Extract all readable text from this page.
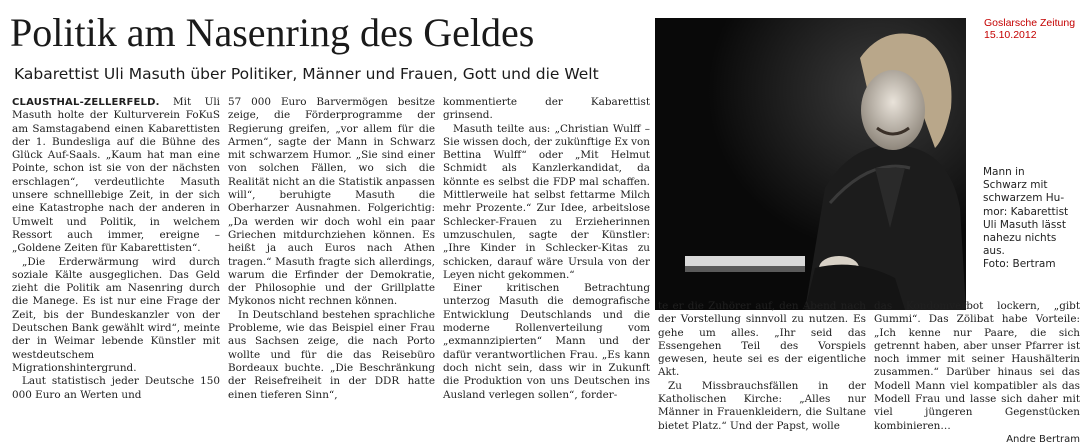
Politik am Nasenring des Geldes
Kabarettist Uli Masuth über Politiker, Männer und Frauen, Gott und die Welt

CLAUSTHAL-ZELLERFELD. Mit Uli Masuth holte der Kulturverein FoKuS am Samstagabend einen Kabarettisten der 1. Bundesliga auf die Bühne des Glück Auf-Saals. „Kaum hat man eine Pointe, schon ist sie von der nächsten erschlagen“, verdeutlichte Masuth unsere schnelllebige Zeit, in der sich eine Katastrophe nach der anderen in Umwelt und Politik, in welchem Ressort auch immer, ereigne – „Goldene Zeiten für Kabarettisten“.

„Die Erderwärmung wird durch soziale Kälte ausgeglichen. Das Geld zieht die Politik am Nasenring durch die Manege. Es ist nur eine Frage der Zeit, bis der Bundeskanzler von der Deutschen Bank gewählt wird“, meinte der in Weimar lebende Künstler mit westdeutschem Migrationshintergrund.

Laut statistisch jeder Deutsche 150 000 Euro an Werten und

57 000 Euro Barvermögen besitze zeige, die Förderprogramme der Regierung greifen, „vor allem für die Armen“, sagte der Mann in Schwarz mit schwarzem Humor. „Sie sind einer von solchen Fällen, wo sich die Realität nicht an die Statistik anpassen will“, beruhigte Masuth die Oberharzer Ausnahmen. Folgerichtig: „Da werden wir doch wohl ein paar Griechen mitdurchziehen können. Es heißt ja auch Euros nach Athen tragen.“ Masuth fragte sich allerdings, warum die Erfinder der Demokratie, der Philosophie und der Grillplatte Mykonos nicht rechnen können.

In Deutschland bestehen sprachliche Probleme, wie das Beispiel einer Frau aus Sachsen zeige, die nach Porto wollte und für die das Reisebüro Bordeaux buchte. „Die Beschränkung der Reisefreiheit in der DDR hatte einen tieferen Sinn“,

kommentierte der Kabarettist grinsend.

Masuth teilte aus: „Christian Wulff – Sie wissen doch, der zukünftige Ex von Bettina Wulff“ oder „Mit Helmut Schmidt als Kanzlerkandidat, da könnte es selbst die FDP mal schaffen. Mittlerweile hat selbst fettarme Milch mehr Prozente.“ Zur Idee, arbeitslose Schlecker-Frauen zu Erzieherinnen umzuschulen, sagte der Künstler: „Ihre Kinder in Schlecker-Kitas zu schicken, darauf wäre Ursula von der Leyen nicht gekommen.“

Einer kritischen Betrachtung unterzog Masuth die demografische Entwicklung Deutschlands und die moderne Rollenverteilung vom „exmannzipierten“ Mann und der dafür verantwortlichen Frau. „Es kann doch nicht sein, dass wir in Zukunft die Produktion von uns Deutschen ins Ausland verlegen sollen“, forder-

Goslarsche Zeitung
15.10.2012
Mann in
Schwarz mit
schwarzem Hu-
mor: Kabarettist
Uli Masuth lässt
nahezu nichts
aus.
Foto: Bertram

te er die Zuhörer auf, den Abend nach der Vorstellung sinnvoll zu nutzen. Es gehe um alles. „Ihr seid das Essengehen Teil des Vorspiels gewesen, heute sei es der eigentliche Akt.

Zu Missbrauchsfällen in der Katholischen Kirche: „Alles nur Männer in Frauenkleidern, die Sultane bietet Platz.“ Und der Papst, wolle

das Kondomverbot lockern, „gibt Gummi“. Das Zölibat habe Vorteile: „Ich kenne nur Paare, die sich getrennt haben, aber unser Pfarrer ist noch immer mit seiner Haushälterin zusammen.“ Darüber hinaus sei das Modell Mann viel kompatibler als das Modell Frau und lasse sich daher mit viel jüngeren Gegenstücken kombinieren…

Andre Bertram
